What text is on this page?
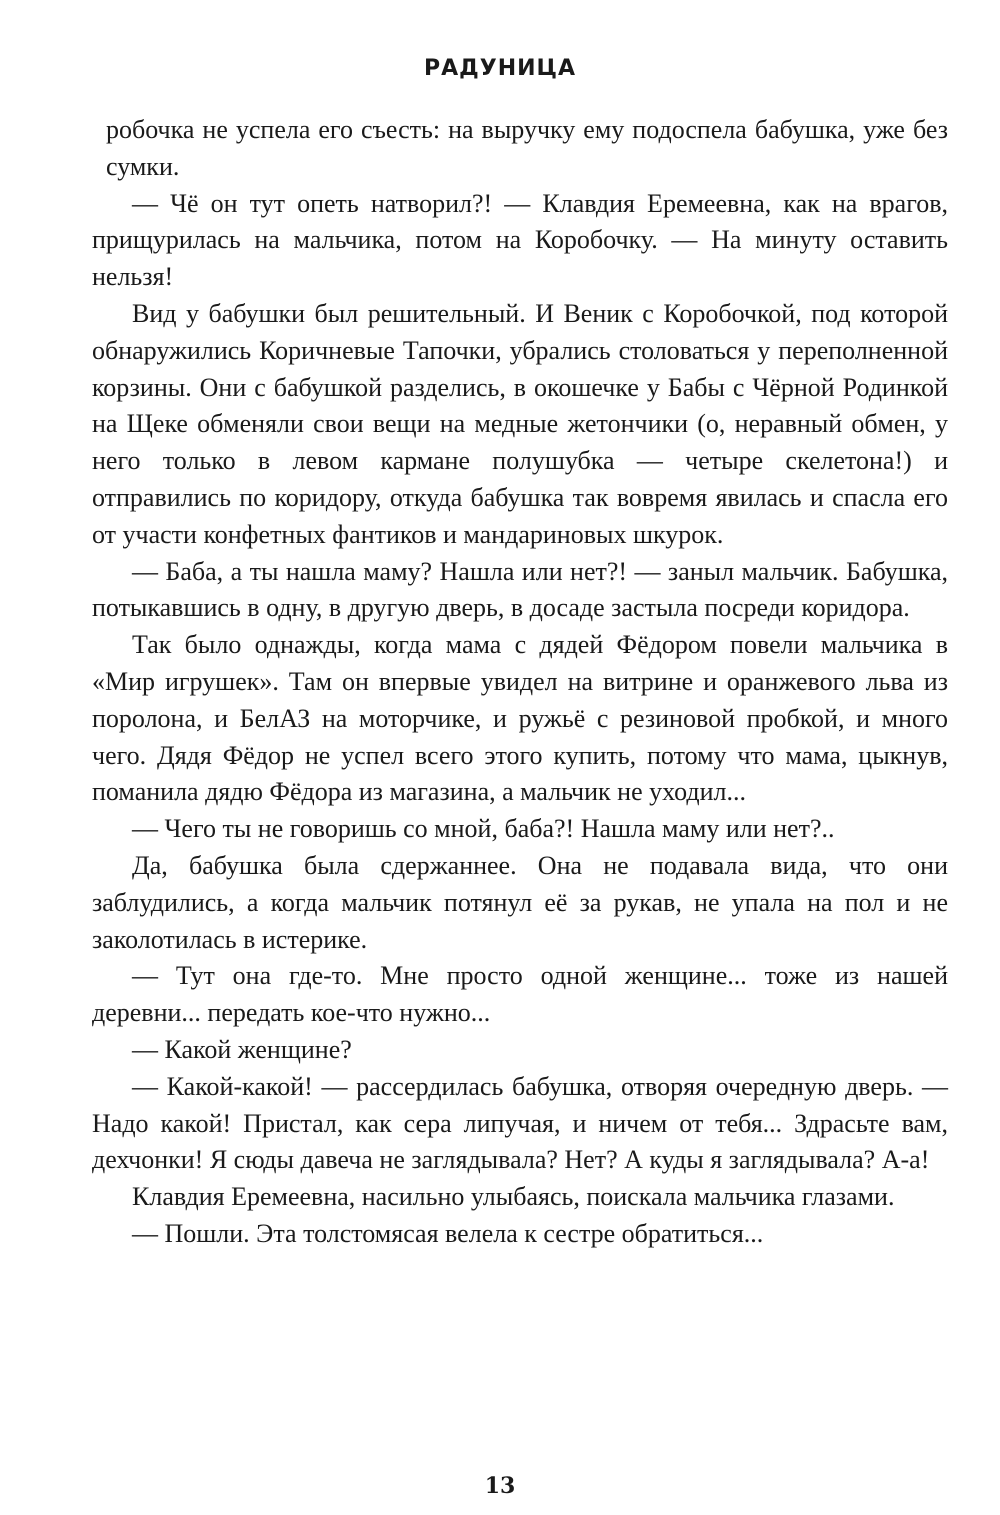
РАДУНИЦА

робочка не успела его съесть: на выручку ему подоспела бабушка, уже без сумки.

— Чё он тут опеть натворил?! — Клавдия Еремеевна, как на врагов, прищурилась на мальчика, потом на Коробочку. — На минуту оставить нельзя!

Вид у бабушки был решительный. И Веник с Коробочкой, под которой обнаружились Коричневые Тапочки, убрались столоваться у переполненной корзины. Они с бабушкой разделись, в окошечке у Бабы с Чёрной Родинкой на Щеке обменяли свои вещи на медные жетончики (о, неравный обмен, у него только в левом кармане полушубка — четыре скелетона!) и отправились по коридору, откуда бабушка так вовремя явилась и спасла его от участи конфетных фантиков и мандариновых шкурок.

— Баба, а ты нашла маму? Нашла или нет?! — заныл мальчик. Бабушка, потыкавшись в одну, в другую дверь, в досаде застыла посреди коридора.

Так было однажды, когда мама с дядей Фёдором повели мальчика в «Мир игрушек». Там он впервые увидел на витрине и оранжевого льва из поролона, и БелАЗ на моторчике, и ружьё с резиновой пробкой, и много чего. Дядя Фёдор не успел всего этого купить, потому что мама, цыкнув, поманила дядю Фёдора из магазина, а мальчик не уходил...

— Чего ты не говоришь со мной, баба?! Нашла маму или нет?..

Да, бабушка была сдержаннее. Она не подавала вида, что они заблудились, а когда мальчик потянул её за рукав, не упала на пол и не заколотилась в истерике.

— Тут она где-то. Мне просто одной женщине... тоже из нашей деревни... передать кое-что нужно...

— Какой женщине?

— Какой-какой! — рассердилась бабушка, отворяя очередную дверь. — Надо какой! Пристал, как сера липучая, и ничем от тебя... Здрасьте вам, дехчонки! Я сюды давеча не заглядывала? Нет? А куды я заглядывала? А-а!

Клавдия Еремеевна, насильно улыбаясь, поискала мальчика глазами.

— Пошли. Эта толстомясая велела к сестре обратиться...

13
